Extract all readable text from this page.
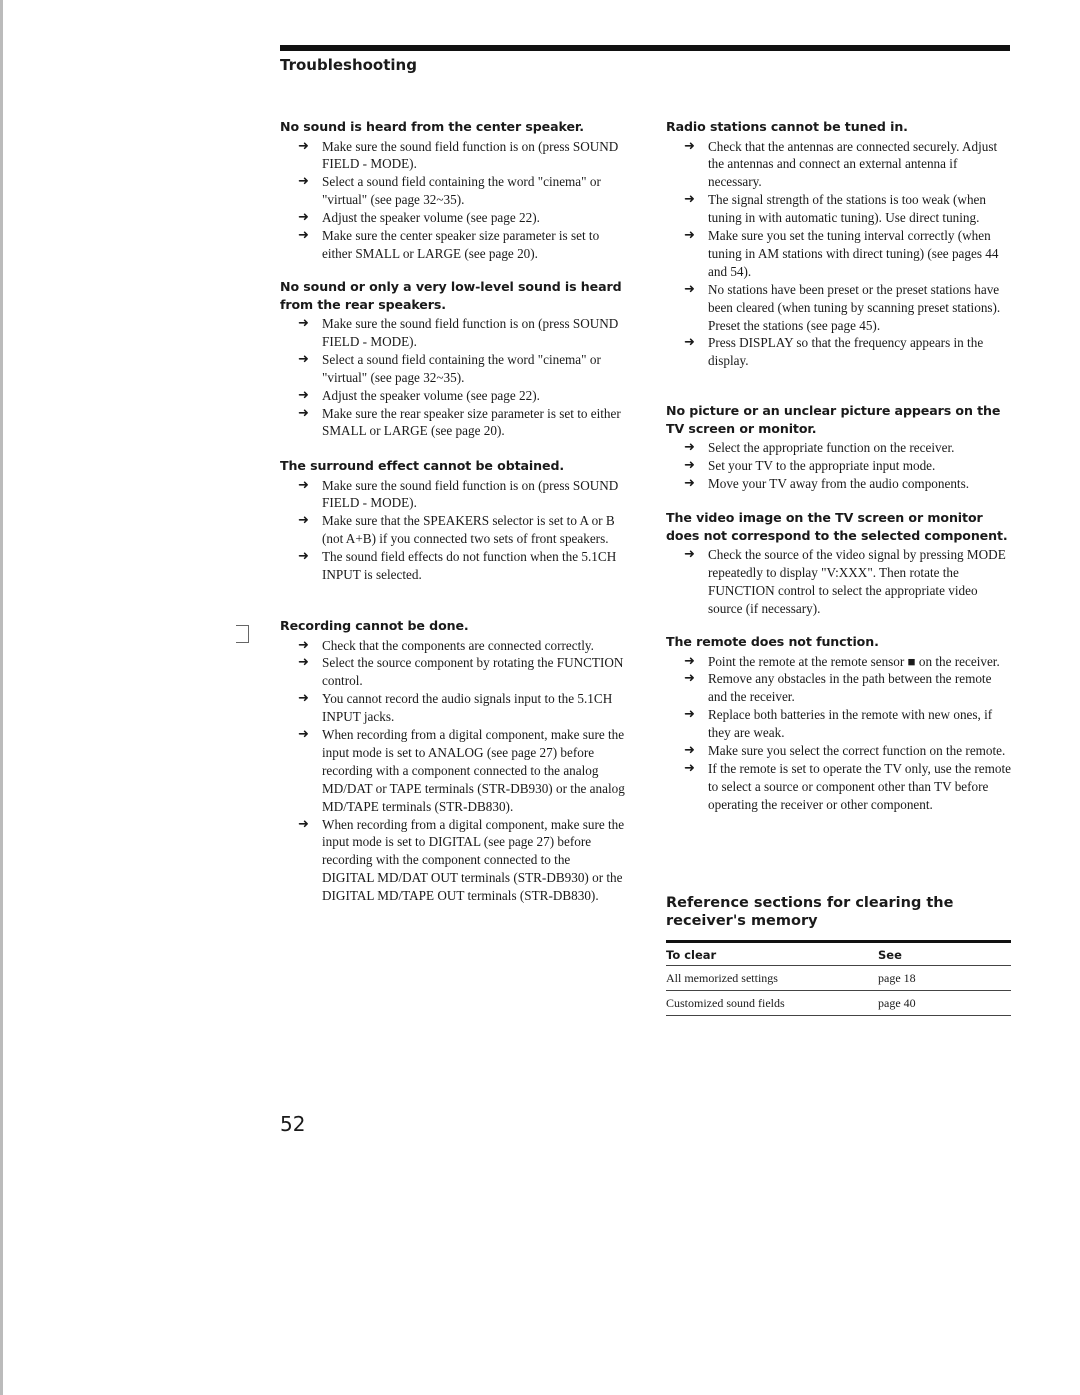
Troubleshooting
No sound is heard from the center speaker.
➜ Make sure the sound field function is on (press SOUND FIELD - MODE).
➜ Select a sound field containing the word "cinema" or "virtual" (see page 32~35).
➜ Adjust the speaker volume (see page 22).
➜ Make sure the center speaker size parameter is set to either SMALL or LARGE (see page 20).
No sound or only a very low-level sound is heard from the rear speakers.
➜ Make sure the sound field function is on (press SOUND FIELD - MODE).
➜ Select a sound field containing the word "cinema" or "virtual" (see page 32~35).
➜ Adjust the speaker volume (see page 22).
➜ Make sure the rear speaker size parameter is set to either SMALL or LARGE (see page 20).
The surround effect cannot be obtained.
➜ Make sure the sound field function is on (press SOUND FIELD - MODE).
➜ Make sure that the SPEAKERS selector is set to A or B (not A+B) if you connected two sets of front speakers.
➜ The sound field effects do not function when the 5.1CH INPUT is selected.
Recording cannot be done.
➜ Check that the components are connected correctly.
➜ Select the source component by rotating the FUNCTION control.
➜ You cannot record the audio signals input to the 5.1CH INPUT jacks.
➜ When recording from a digital component, make sure the input mode is set to ANALOG (see page 27) before recording with a component connected to the analog MD/DAT or TAPE terminals (STR-DB930) or the analog MD/TAPE terminals (STR-DB830).
➜ When recording from a digital component, make sure the input mode is set to DIGITAL (see page 27) before recording with the component connected to the DIGITAL MD/DAT OUT terminals (STR-DB930) or the DIGITAL MD/TAPE OUT terminals (STR-DB830).
Radio stations cannot be tuned in.
➜ Check that the antennas are connected securely. Adjust the antennas and connect an external antenna if necessary.
➜ The signal strength of the stations is too weak (when tuning in with automatic tuning). Use direct tuning.
➜ Make sure you set the tuning interval correctly (when tuning in AM stations with direct tuning) (see pages 44 and 54).
➜ No stations have been preset or the preset stations have been cleared (when tuning by scanning preset stations). Preset the stations (see page 45).
➜ Press DISPLAY so that the frequency appears in the display.
No picture or an unclear picture appears on the TV screen or monitor.
➜ Select the appropriate function on the receiver.
➜ Set your TV to the appropriate input mode.
➜ Move your TV away from the audio components.
The video image on the TV screen or monitor does not correspond to the selected component.
➜ Check the source of the video signal by pressing MODE repeatedly to display "V:XXX". Then rotate the FUNCTION control to select the appropriate video source (if necessary).
The remote does not function.
➜ Point the remote at the remote sensor ■ on the receiver.
➜ Remove any obstacles in the path between the remote and the receiver.
➜ Replace both batteries in the remote with new ones, if they are weak.
➜ Make sure you select the correct function on the remote.
➜ If the remote is set to operate the TV only, use the remote to select a source or component other than TV before operating the receiver or other component.
Reference sections for clearing the receiver's memory
To clear	See
All memorized settings	page 18
Customized sound fields	page 40
52
